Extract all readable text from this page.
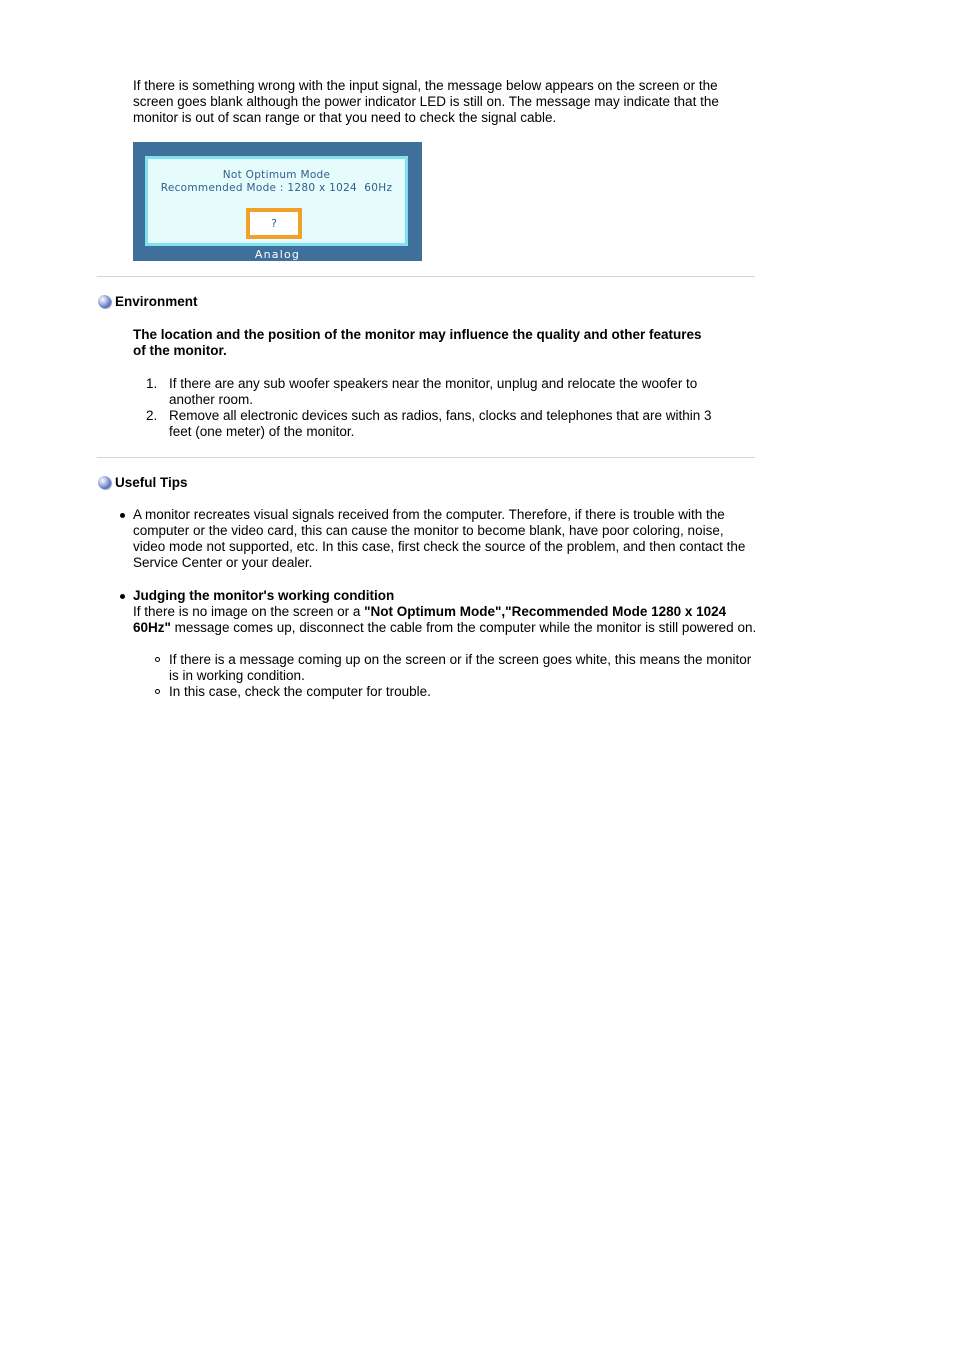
If there is something wrong with the input signal, the message below appears on the screen or the screen goes blank although the power indicator LED is still on. The message may indicate that the monitor is out of scan range or that you need to check the signal cable.
Not Optimum Mode
Recommended Mode : 1280 x 1024  60Hz
?
Analog
Environment
The location and the position of the monitor may influence the quality and other features of the monitor.
1. If there are any sub woofer speakers near the monitor, unplug and relocate the woofer to another room.
2. Remove all electronic devices such as radios, fans, clocks and telephones that are within 3 feet (one meter) of the monitor.
Useful Tips
A monitor recreates visual signals received from the computer. Therefore, if there is trouble with the computer or the video card, this can cause the monitor to become blank, have poor coloring, noise, video mode not supported, etc. In this case, first check the source of the problem, and then contact the Service Center or your dealer.
Judging the monitor's working condition
If there is no image on the screen or a "Not Optimum Mode","Recommended Mode 1280 x 1024 60Hz" message comes up, disconnect the cable from the computer while the monitor is still powered on.
If there is a message coming up on the screen or if the screen goes white, this means the monitor is in working condition.
In this case, check the computer for trouble.
